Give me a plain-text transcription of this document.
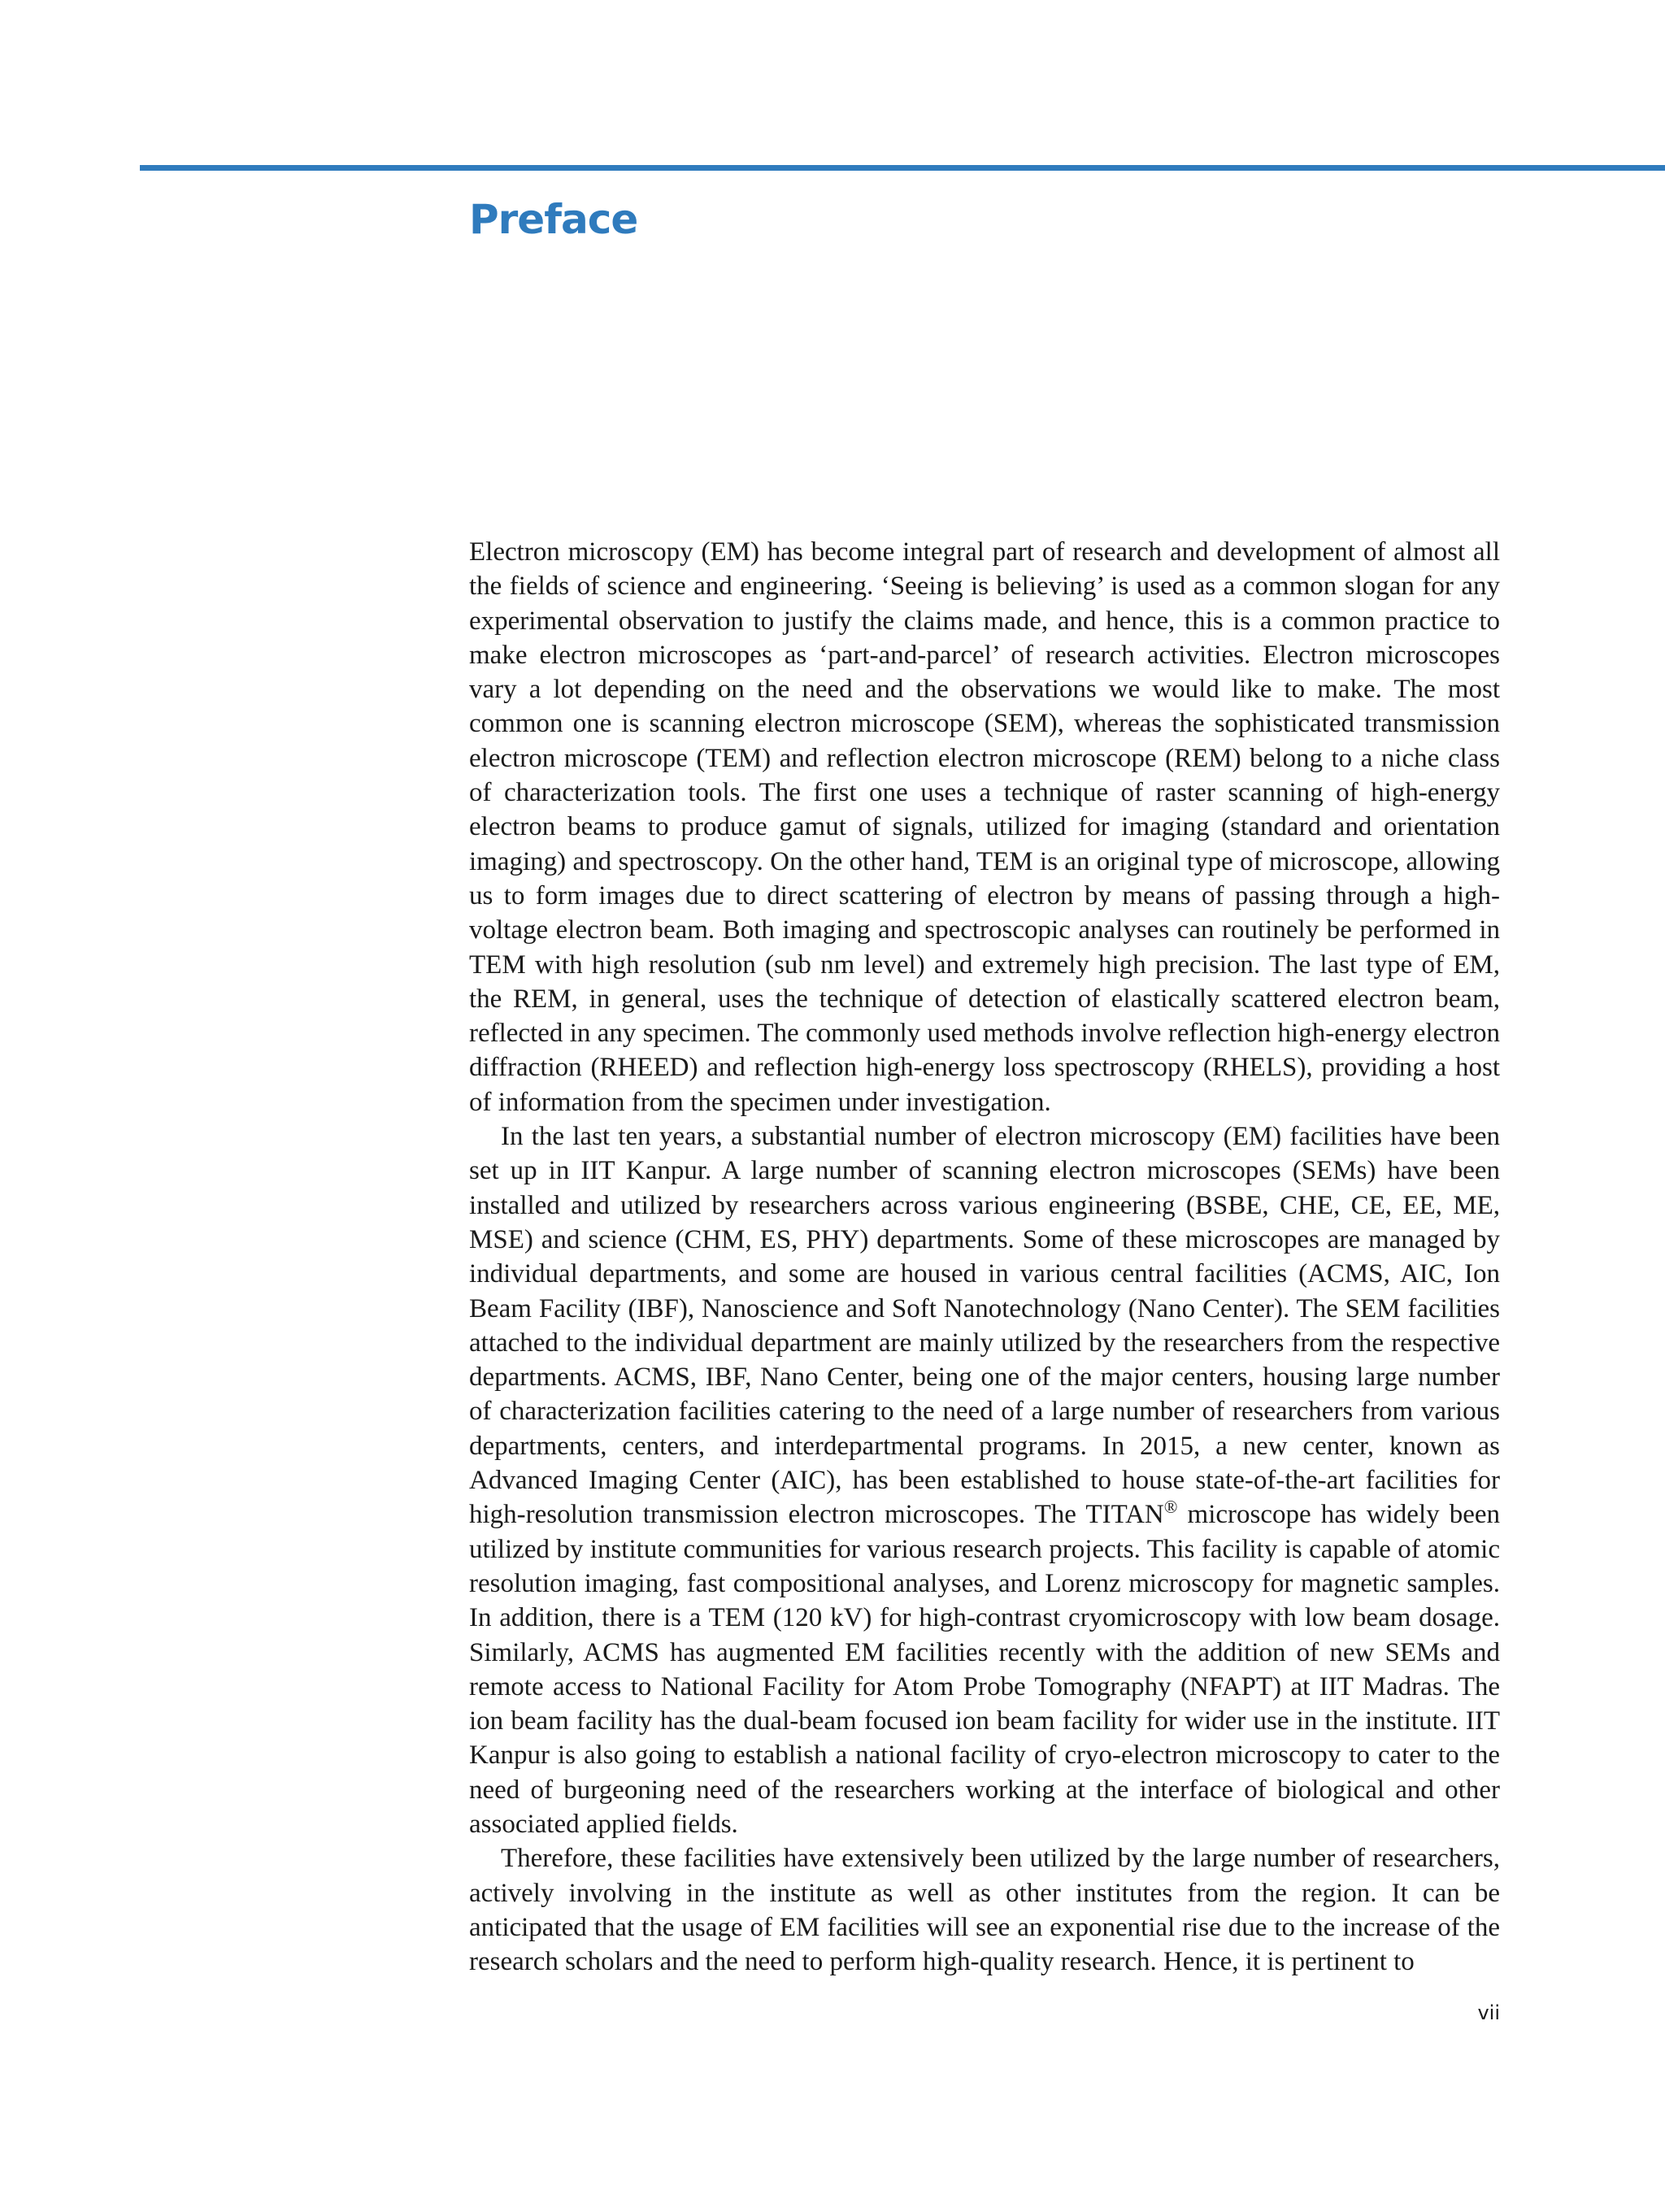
Preface

Electron microscopy (EM) has become integral part of research and development of almost all the fields of science and engineering. ‘Seeing is believing’ is used as a common slogan for any experimental observation to justify the claims made, and hence, this is a common practice to make electron microscopes as ‘part-and-parcel’ of research activities. Electron microscopes vary a lot depending on the need and the observations we would like to make. The most common one is scanning electron microscope (SEM), whereas the sophisticated transmission electron microscope (TEM) and reflection electron microscope (REM) belong to a niche class of characterization tools. The first one uses a technique of raster scanning of high-energy electron beams to produce gamut of signals, utilized for imaging (standard and orientation imaging) and spectroscopy. On the other hand, TEM is an original type of microscope, allowing us to form images due to direct scattering of electron by means of passing through a high-voltage electron beam. Both imaging and spectroscopic analyses can routinely be performed in TEM with high resolution (sub nm level) and extremely high precision. The last type of EM, the REM, in general, uses the technique of detection of elastically scattered electron beam, reflected in any specimen. The commonly used methods involve reflection high-energy electron diffraction (RHEED) and reflection high-energy loss spectroscopy (RHELS), providing a host of information from the specimen under investigation.

In the last ten years, a substantial number of electron microscopy (EM) facilities have been set up in IIT Kanpur. A large number of scanning electron microscopes (SEMs) have been installed and utilized by researchers across various engineering (BSBE, CHE, CE, EE, ME, MSE) and science (CHM, ES, PHY) departments. Some of these microscopes are managed by individual departments, and some are housed in various central facilities (ACMS, AIC, Ion Beam Facility (IBF), Nanoscience and Soft Nanotechnology (Nano Center). The SEM facilities attached to the individual department are mainly utilized by the researchers from the respective departments. ACMS, IBF, Nano Center, being one of the major centers, housing large number of characterization facilities catering to the need of a large number of researchers from various departments, centers, and interdepartmental programs. In 2015, a new center, known as Advanced Imaging Center (AIC), has been established to house state-of-the-art facilities for high-resolution transmission electron microscopes. The TITAN® microscope has widely been utilized by institute communities for various research projects. This facility is capable of atomic resolution imaging, fast compositional analyses, and Lorenz microscopy for magnetic samples. In addition, there is a TEM (120 kV) for high-contrast cryomicroscopy with low beam dosage. Similarly, ACMS has augmented EM facilities recently with the addition of new SEMs and remote access to National Facility for Atom Probe Tomography (NFAPT) at IIT Madras. The ion beam facility has the dual-beam focused ion beam facility for wider use in the institute. IIT Kanpur is also going to establish a national facility of cryo-electron microscopy to cater to the need of burgeoning need of the researchers working at the interface of biological and other associated applied fields.

Therefore, these facilities have extensively been utilized by the large number of researchers, actively involving in the institute as well as other institutes from the region. It can be anticipated that the usage of EM facilities will see an exponential rise due to the increase of the research scholars and the need to perform high-quality research. Hence, it is pertinent to

vii
